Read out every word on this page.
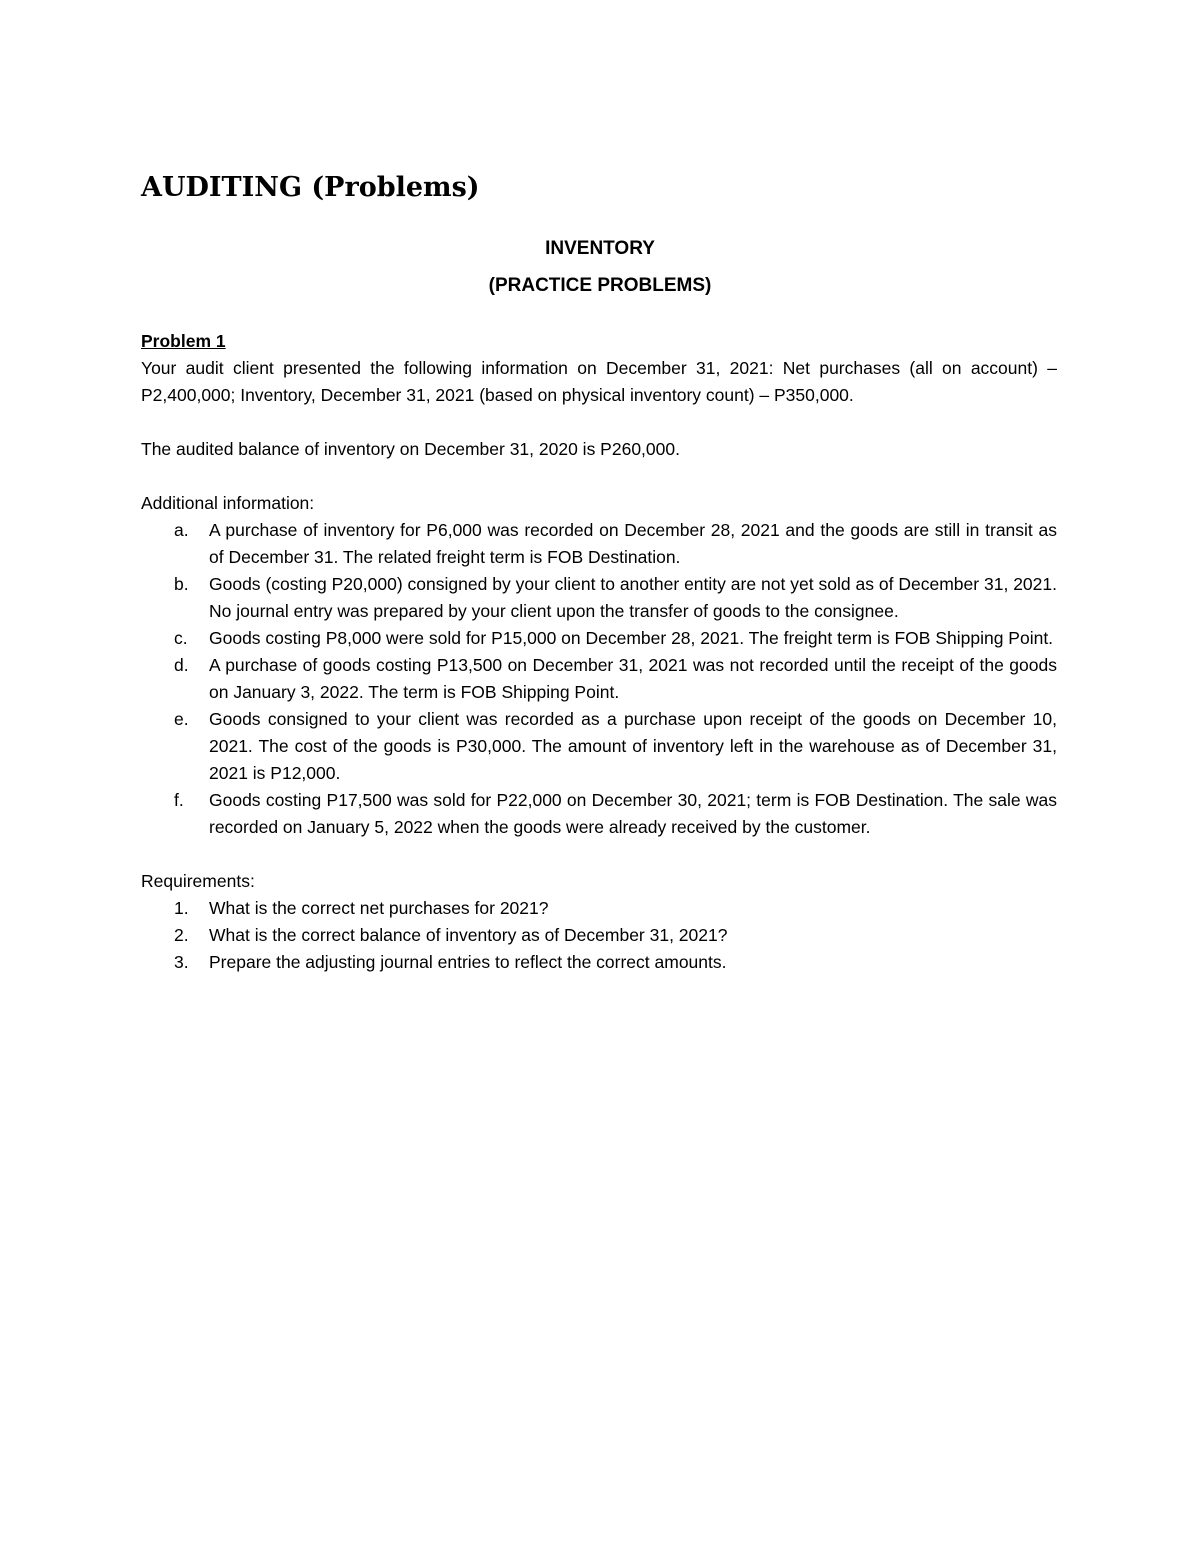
AUDITING (Problems)
INVENTORY
(PRACTICE PROBLEMS)

Problem 1

Your audit client presented the following information on December 31, 2021: Net purchases (all on account) – P2,400,000; Inventory, December 31, 2021 (based on physical inventory count) – P350,000.

The audited balance of inventory on December 31, 2020 is P260,000.

Additional information:

a. A purchase of inventory for P6,000 was recorded on December 28, 2021 and the goods are still in transit as of December 31. The related freight term is FOB Destination.
b. Goods (costing P20,000) consigned by your client to another entity are not yet sold as of December 31, 2021. No journal entry was prepared by your client upon the transfer of goods to the consignee.
c. Goods costing P8,000 were sold for P15,000 on December 28, 2021. The freight term is FOB Shipping Point.
d. A purchase of goods costing P13,500 on December 31, 2021 was not recorded until the receipt of the goods on January 3, 2022. The term is FOB Shipping Point.
e. Goods consigned to your client was recorded as a purchase upon receipt of the goods on December 10, 2021. The cost of the goods is P30,000. The amount of inventory left in the warehouse as of December 31, 2021 is P12,000.
f. Goods costing P17,500 was sold for P22,000 on December 30, 2021; term is FOB Destination. The sale was recorded on January 5, 2022 when the goods were already received by the customer.

Requirements:

1. What is the correct net purchases for 2021?
2. What is the correct balance of inventory as of December 31, 2021?
3. Prepare the adjusting journal entries to reflect the correct amounts.
